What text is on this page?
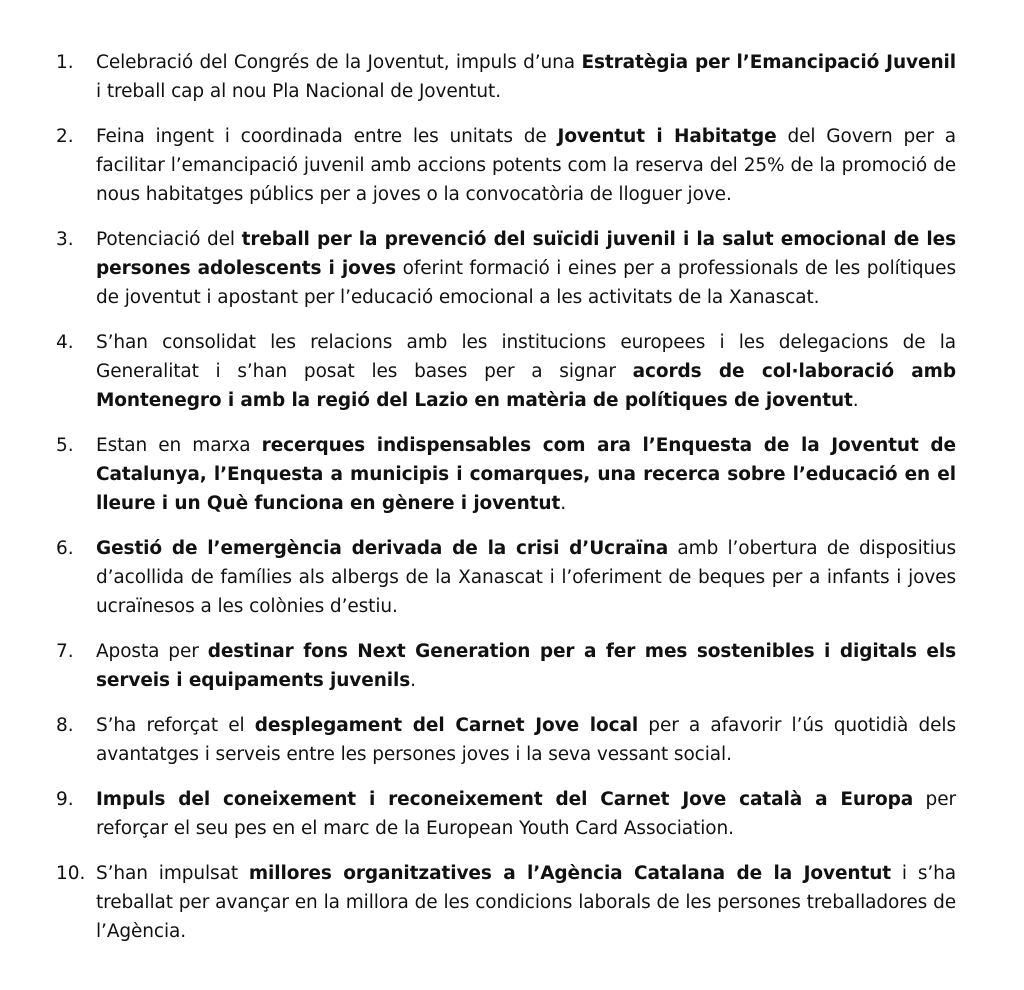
1.	Celebració del Congrés de la Joventut, impuls d’una Estratègia per l’Emancipació Juvenil i treball cap al nou Pla Nacional de Joventut.

2.	Feina ingent i coordinada entre les unitats de Joventut i Habitatge del Govern per a facilitar l’emancipació juvenil amb accions potents com la reserva del 25% de la promoció de nous habitatges públics per a joves o la convocatòria de lloguer jove.

3.	Potenciació del treball per la prevenció del suïcidi juvenil i la salut emocional de les persones adolescents i joves oferint formació i eines per a professionals de les polítiques de joventut i apostant per l’educació emocional a les activitats de la Xanascat.

4.	S’han consolidat les relacions amb les institucions europees i les delegacions de la Generalitat i s’han posat les bases per a signar acords de col·laboració amb Montenegro i amb la regió del Lazio en matèria de polítiques de joventut.

5.	Estan en marxa recerques indispensables com ara l’Enquesta de la Joventut de Catalunya, l’Enquesta a municipis i comarques, una recerca sobre l’educació en el lleure i un Què funciona en gènere i joventut.

6.	Gestió de l’emergència derivada de la crisi d’Ucraïna amb l’obertura de dispositius d’acollida de famílies als albergs de la Xanascat i l’oferiment de beques per a infants i joves ucraïnesos a les colònies d’estiu.

7.	Aposta per destinar fons Next Generation per a fer mes sostenibles i digitals els serveis i equipaments juvenils.

8.	S’ha reforçat el desplegament del Carnet Jove local per a afavorir l’ús quotidià dels avantatges i serveis entre les persones joves i la seva vessant social.

9.	Impuls del coneixement i reconeixement del Carnet Jove català a Europa per reforçar el seu pes en el marc de la European Youth Card Association.

10. S’han impulsat millores organitzatives a l’Agència Catalana de la Joventut i s’ha treballat per avançar en la millora de les condicions laborals de les persones treballadores de l’Agència.
